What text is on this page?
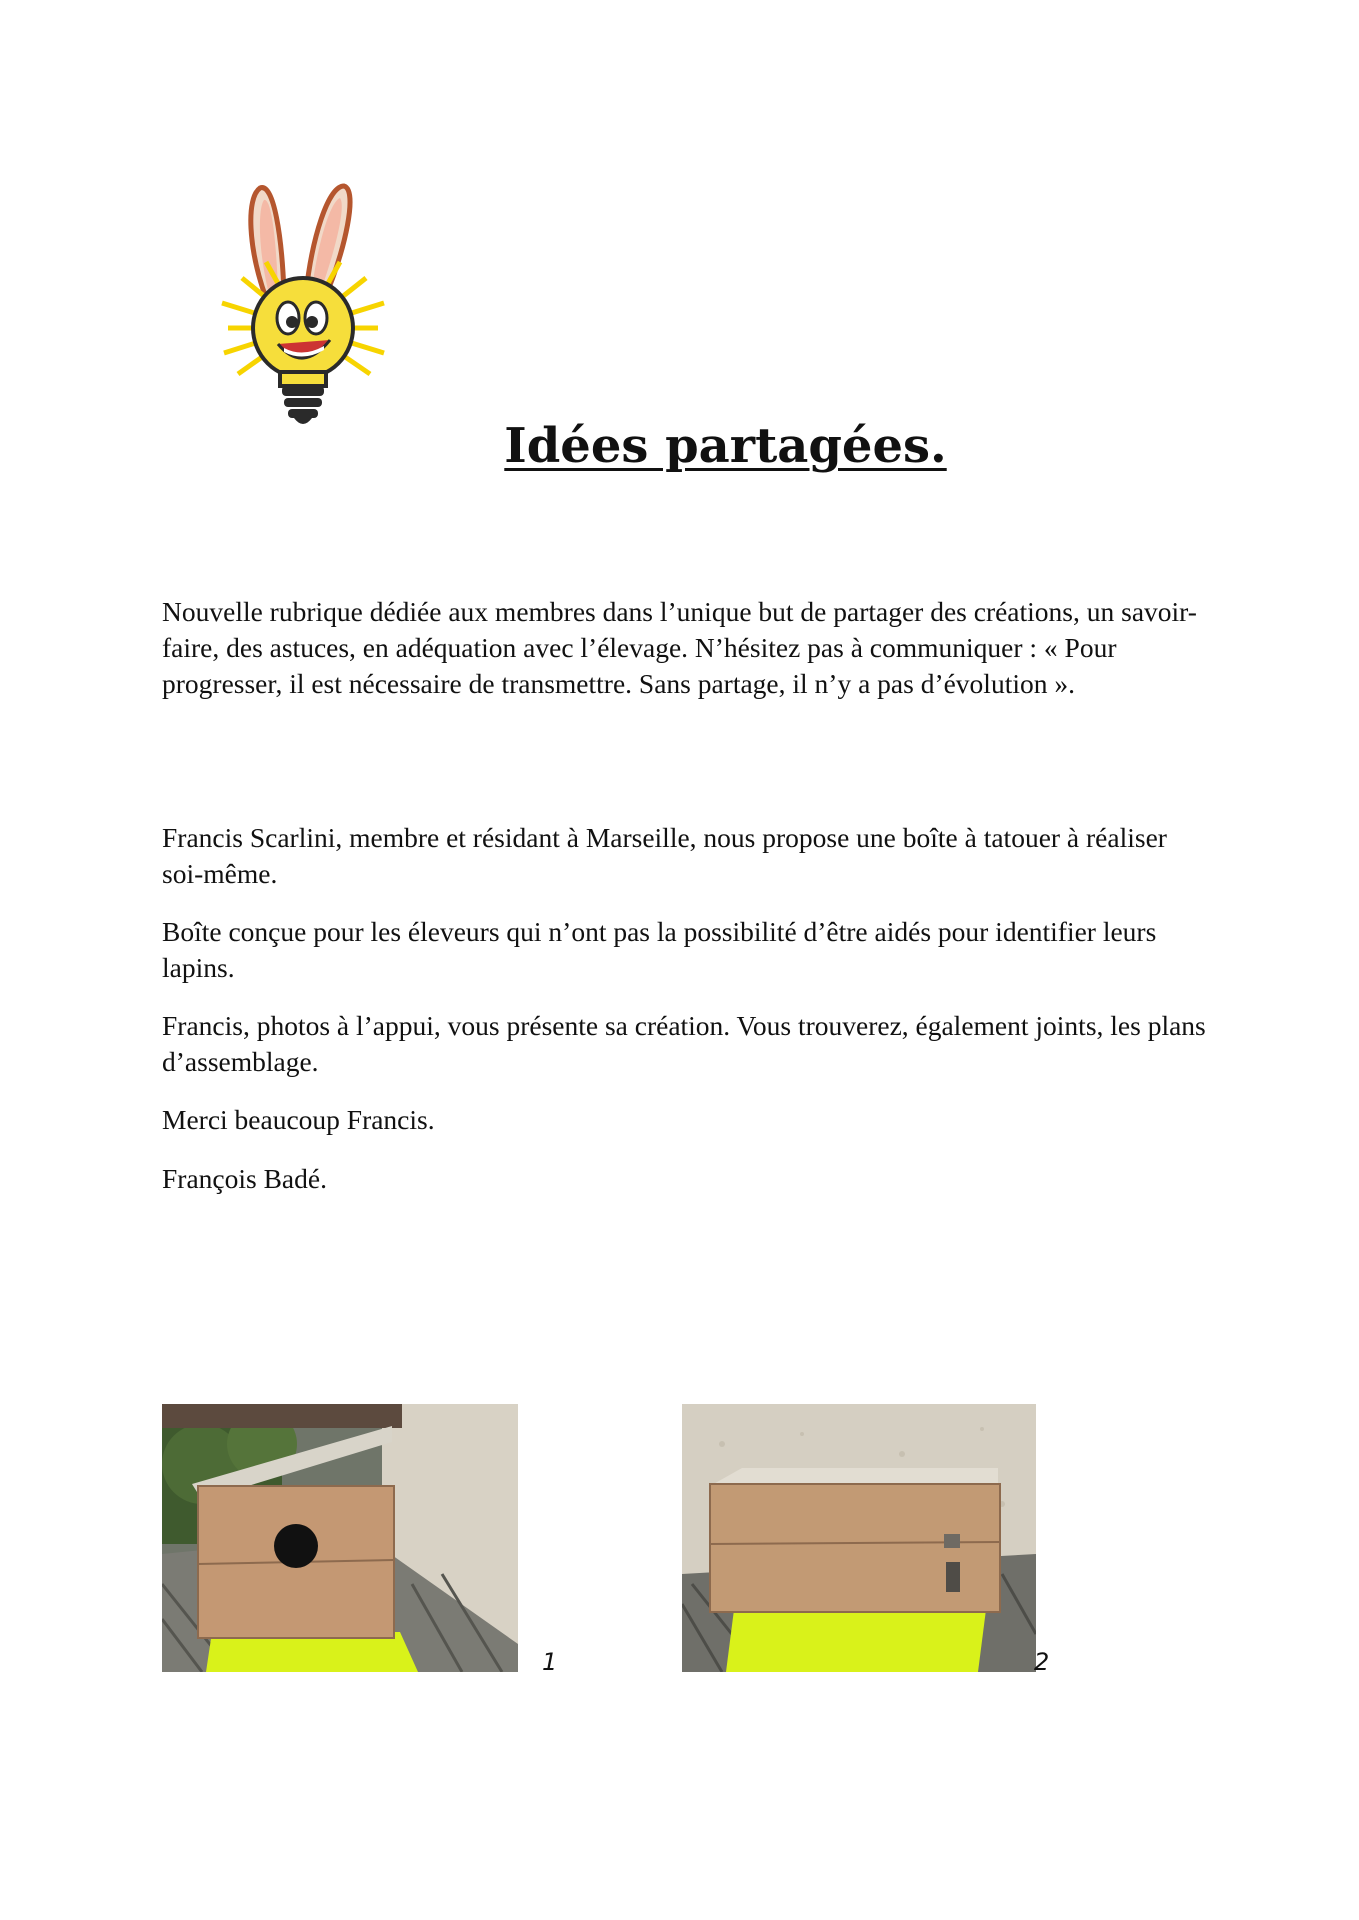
Idées partagées.

Nouvelle rubrique dédiée aux membres dans l’unique but de partager des créations, un savoir-faire, des astuces, en adéquation avec l’élevage. N’hésitez pas à communiquer : « Pour progresser, il est nécessaire de transmettre. Sans partage, il n’y a pas d’évolution ».

Francis Scarlini, membre et résidant à Marseille, nous propose une boîte à tatouer à réaliser soi-même.

Boîte conçue pour les éleveurs qui n’ont pas la possibilité d’être aidés pour identifier leurs lapins.

Francis, photos à l’appui, vous présente sa création. Vous trouverez, également joints, les plans d’assemblage.

Merci beaucoup Francis.

François Badé.

1	2
